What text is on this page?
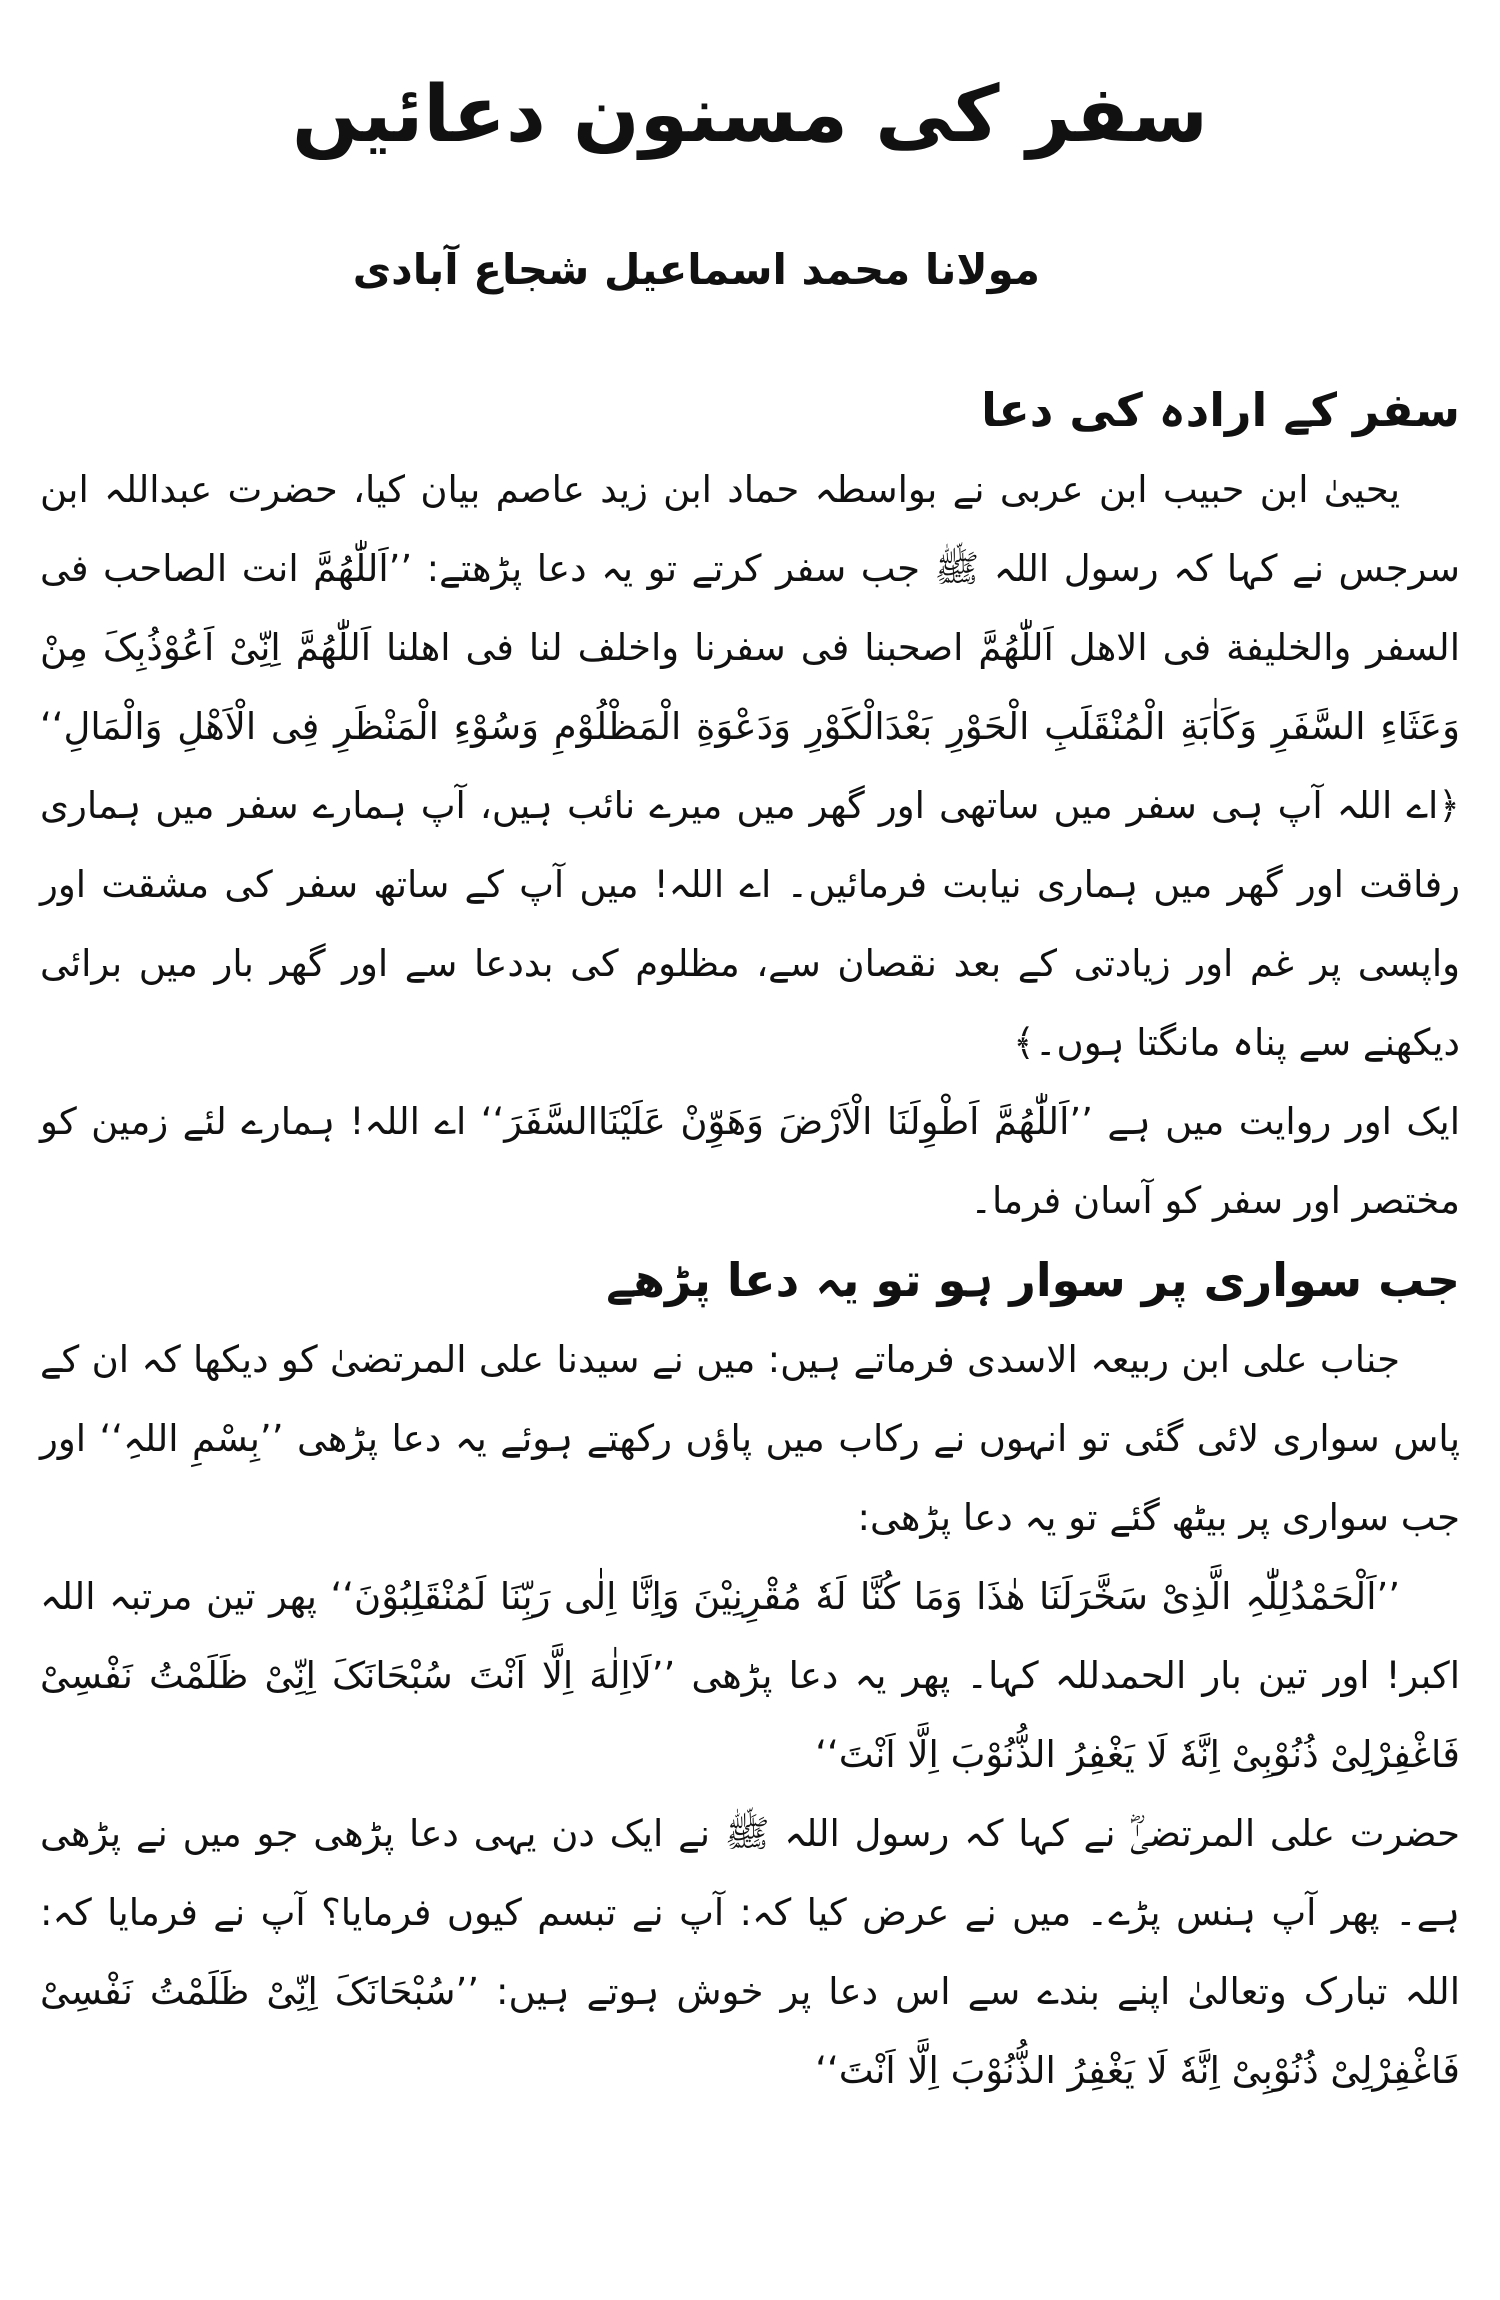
سفر کی مسنون دعائیں
مولانا محمد اسماعیل شجاع آبادی
سفر کے ارادہ کی دعا

یحییٰ ابن حبیب ابن عربی نے بواسطہ حماد ابن زید عاصم بیان کیا، حضرت عبداللہ ابن سرجس نے کہا کہ رسول اللہ ﷺ جب سفر کرتے تو یہ دعا پڑھتے: ’’اَللّٰھُمَّ انت الصاحب فی السفر والخلیفة فی الاھل اَللّٰھُمَّ اصحبنا فی سفرنا واخلف لنا فی اھلنا اَللّٰھُمَّ اِنِّیْ اَعُوْذُبِکَ مِنْ وَعَثَاءِ السَّفَرِ وَکَاٰبَةِ الْمُنْقَلَبِ الْحَوْرِ بَعْدَالْکَوْرِ وَدَعْوَةِ الْمَظْلُوْمِ وَسُوْءِ الْمَنْظَرِ فِی الْاَھْلِ وَالْمَالِ‘‘ ﴿اے اللہ آپ ہی سفر میں ساتھی اور گھر میں میرے نائب ہیں، آپ ہمارے سفر میں ہماری رفاقت اور گھر میں ہماری نیابت فرمائیں۔ اے اللہ! میں آپ کے ساتھ سفر کی مشقت اور واپسی پر غم اور زیادتی کے بعد نقصان سے، مظلوم کی بددعا سے اور گھر بار میں برائی دیکھنے سے پناہ مانگتا ہوں۔﴾

ایک اور روایت میں ہے ’’اَللّٰھُمَّ اَطْوِلَنَا الْاَرْضَ وَھَوِّنْ عَلَیْنَاالسَّفَرَ‘‘ اے اللہ! ہمارے لئے زمین کو مختصر اور سفر کو آسان فرما۔

جب سواری پر سوار ہو تو یہ دعا پڑھے

جناب علی ابن ربیعہ الاسدی فرماتے ہیں: میں نے سیدنا علی المرتضیٰ کو دیکھا کہ ان کے پاس سواری لائی گئی تو انہوں نے رکاب میں پاؤں رکھتے ہوئے یہ دعا پڑھی ’’بِسْمِ اللہِ‘‘ اور جب سواری پر بیٹھ گئے تو یہ دعا پڑھی:

’’اَلْحَمْدُلِلّٰہِ الَّذِیْ سَخَّرَلَنَا ھٰذَا وَمَا کُنَّا لَهٗ مُقْرِنِیْنَ وَاِنَّا اِلٰی رَبِّنَا لَمُنْقَلِبُوْنَ‘‘ پھر تین مرتبہ اللہ اکبر! اور تین بار الحمدللہ کہا۔ پھر یہ دعا پڑھی ’’لَااِلٰهَ اِلَّا اَنْتَ سُبْحَانَکَ اِنِّیْ ظَلَمْتُ نَفْسِیْ فَاغْفِرْلِیْ ذُنُوْبِیْ اِنَّهٗ لَا یَغْفِرُ الذُّنُوْبَ اِلَّا اَنْتَ‘‘

حضرت علی المرتضیٰؓ نے کہا کہ رسول اللہ ﷺ نے ایک دن یہی دعا پڑھی جو میں نے پڑھی ہے۔ پھر آپ ہنس پڑے۔ میں نے عرض کیا کہ: آپ نے تبسم کیوں فرمایا؟ آپ نے فرمایا کہ: اللہ تبارک وتعالیٰ اپنے بندے سے اس دعا پر خوش ہوتے ہیں: ’’سُبْحَانَکَ اِنِّیْ ظَلَمْتُ نَفْسِیْ فَاغْفِرْلِیْ ذُنُوْبِیْ اِنَّهٗ لَا یَغْفِرُ الذُّنُوْبَ اِلَّا اَنْتَ‘‘
